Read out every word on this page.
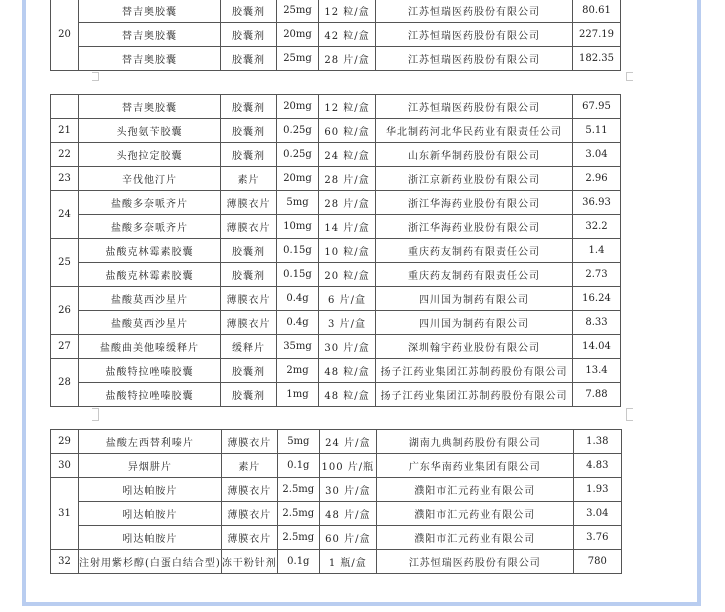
20	替吉奥胶囊	胶囊剂	25mg	12 粒/盒	江苏恒瑞医药股份有限公司	80.61
	替吉奥胶囊	胶囊剂	20mg	42 粒/盒	江苏恒瑞医药股份有限公司	227.19
	替吉奥胶囊	胶囊剂	25mg	28 片/盒	江苏恒瑞医药股份有限公司	182.35
	替吉奥胶囊	胶囊剂	20mg	12 粒/盒	江苏恒瑞医药股份有限公司	67.95
21	头孢氨苄胶囊	胶囊剂	0.25g	60 粒/盒	华北制药河北华民药业有限责任公司	5.11
22	头孢拉定胶囊	胶囊剂	0.25g	24 粒/盒	山东新华制药股份有限公司	3.04
23	辛伐他汀片	素片	20mg	28 片/盒	浙江京新药业股份有限公司	2.96
24	盐酸多奈哌齐片	薄膜衣片	5mg	28 片/盒	浙江华海药业股份有限公司	36.93
	盐酸多奈哌齐片	薄膜衣片	10mg	14 片/盒	浙江华海药业股份有限公司	32.2
25	盐酸克林霉素胶囊	胶囊剂	0.15g	10 粒/盒	重庆药友制药有限责任公司	1.4
	盐酸克林霉素胶囊	胶囊剂	0.15g	20 粒/盒	重庆药友制药有限责任公司	2.73
26	盐酸莫西沙星片	薄膜衣片	0.4g	6 片/盒	四川国为制药有限公司	16.24
	盐酸莫西沙星片	薄膜衣片	0.4g	3 片/盒	四川国为制药有限公司	8.33
27	盐酸曲美他嗪缓释片	缓释片	35mg	30 片/盒	深圳翰宇药业股份有限公司	14.04
28	盐酸特拉唑嗪胶囊	胶囊剂	2mg	48 粒/盒	扬子江药业集团江苏制药股份有限公司	13.4
	盐酸特拉唑嗪胶囊	胶囊剂	1mg	48 粒/盒	扬子江药业集团江苏制药股份有限公司	7.88
29	盐酸左西替利嗪片	薄膜衣片	5mg	24 片/盒	湖南九典制药股份有限公司	1.38
30	异烟肼片	素片	0.1g	100 片/瓶	广东华南药业集团有限公司	4.83
31	吲达帕胺片	薄膜衣片	2.5mg	30 片/盒	濮阳市汇元药业有限公司	1.93
	吲达帕胺片	薄膜衣片	2.5mg	48 片/盒	濮阳市汇元药业有限公司	3.04
	吲达帕胺片	薄膜衣片	2.5mg	60 片/盒	濮阳市汇元药业有限公司	3.76
32	注射用紫杉醇(白蛋白结合型)	冻干粉针剂	0.1g	1 瓶/盒	江苏恒瑞医药股份有限公司	780
